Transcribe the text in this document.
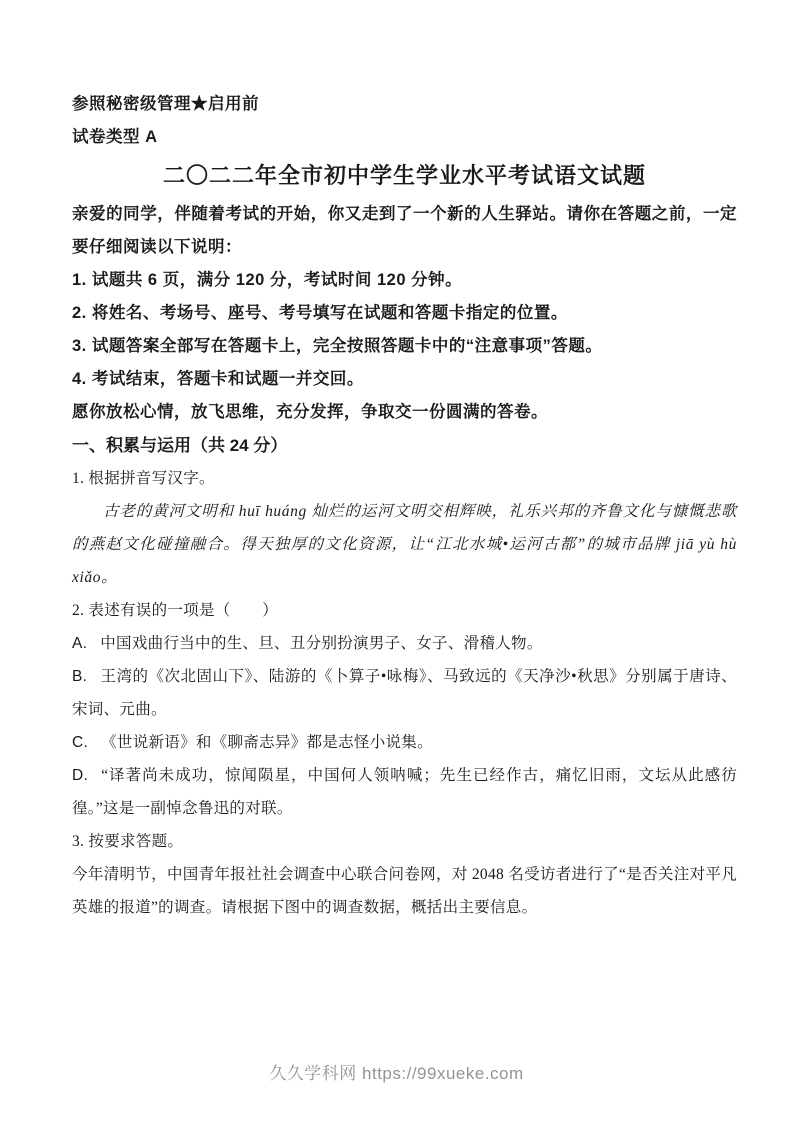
参照秘密级管理★启用前

试卷类型 A

二〇二二年全市初中学生学业水平考试语文试题

亲爱的同学，伴随着考试的开始，你又走到了一个新的人生驿站。请你在答题之前，一定要仔细阅读以下说明：

1. 试题共 6 页，满分 120 分，考试时间 120 分钟。

2. 将姓名、考场号、座号、考号填写在试题和答题卡指定的位置。

3. 试题答案全部写在答题卡上，完全按照答题卡中的“注意事项”答题。

4. 考试结束，答题卡和试题一并交回。

愿你放松心情，放飞思维，充分发挥，争取交一份圆满的答卷。

一、积累与运用（共 24 分）

1. 根据拼音写汉字。

古老的黄河文明和 huī huáng 灿烂的运河文明交相辉映，礼乐兴邦的齐鲁文化与慷慨悲歌的燕赵文化碰撞融合。得天独厚的文化资源，让“江北水城•运河古都”的城市品牌 jiā yù hù xiǎo。

2. 表述有误的一项是（　　）

A. 中国戏曲行当中的生、旦、丑分别扮演男子、女子、滑稽人物。

B. 王湾的《次北固山下》、陆游的《卜算子•咏梅》、马致远的《天净沙•秋思》分别属于唐诗、宋词、元曲。

C. 《世说新语》和《聊斋志异》都是志怪小说集。

D. “译著尚未成功，惊闻陨星，中国何人领呐喊；先生已经作古，痛忆旧雨，文坛从此感彷徨。”这是一副悼念鲁迅的对联。

3. 按要求答题。

今年清明节，中国青年报社社会调查中心联合问卷网，对 2048 名受访者进行了“是否关注对平凡英雄的报道”的调查。请根据下图中的调查数据，概括出主要信息。

久久学科网 https://99xueke.com
